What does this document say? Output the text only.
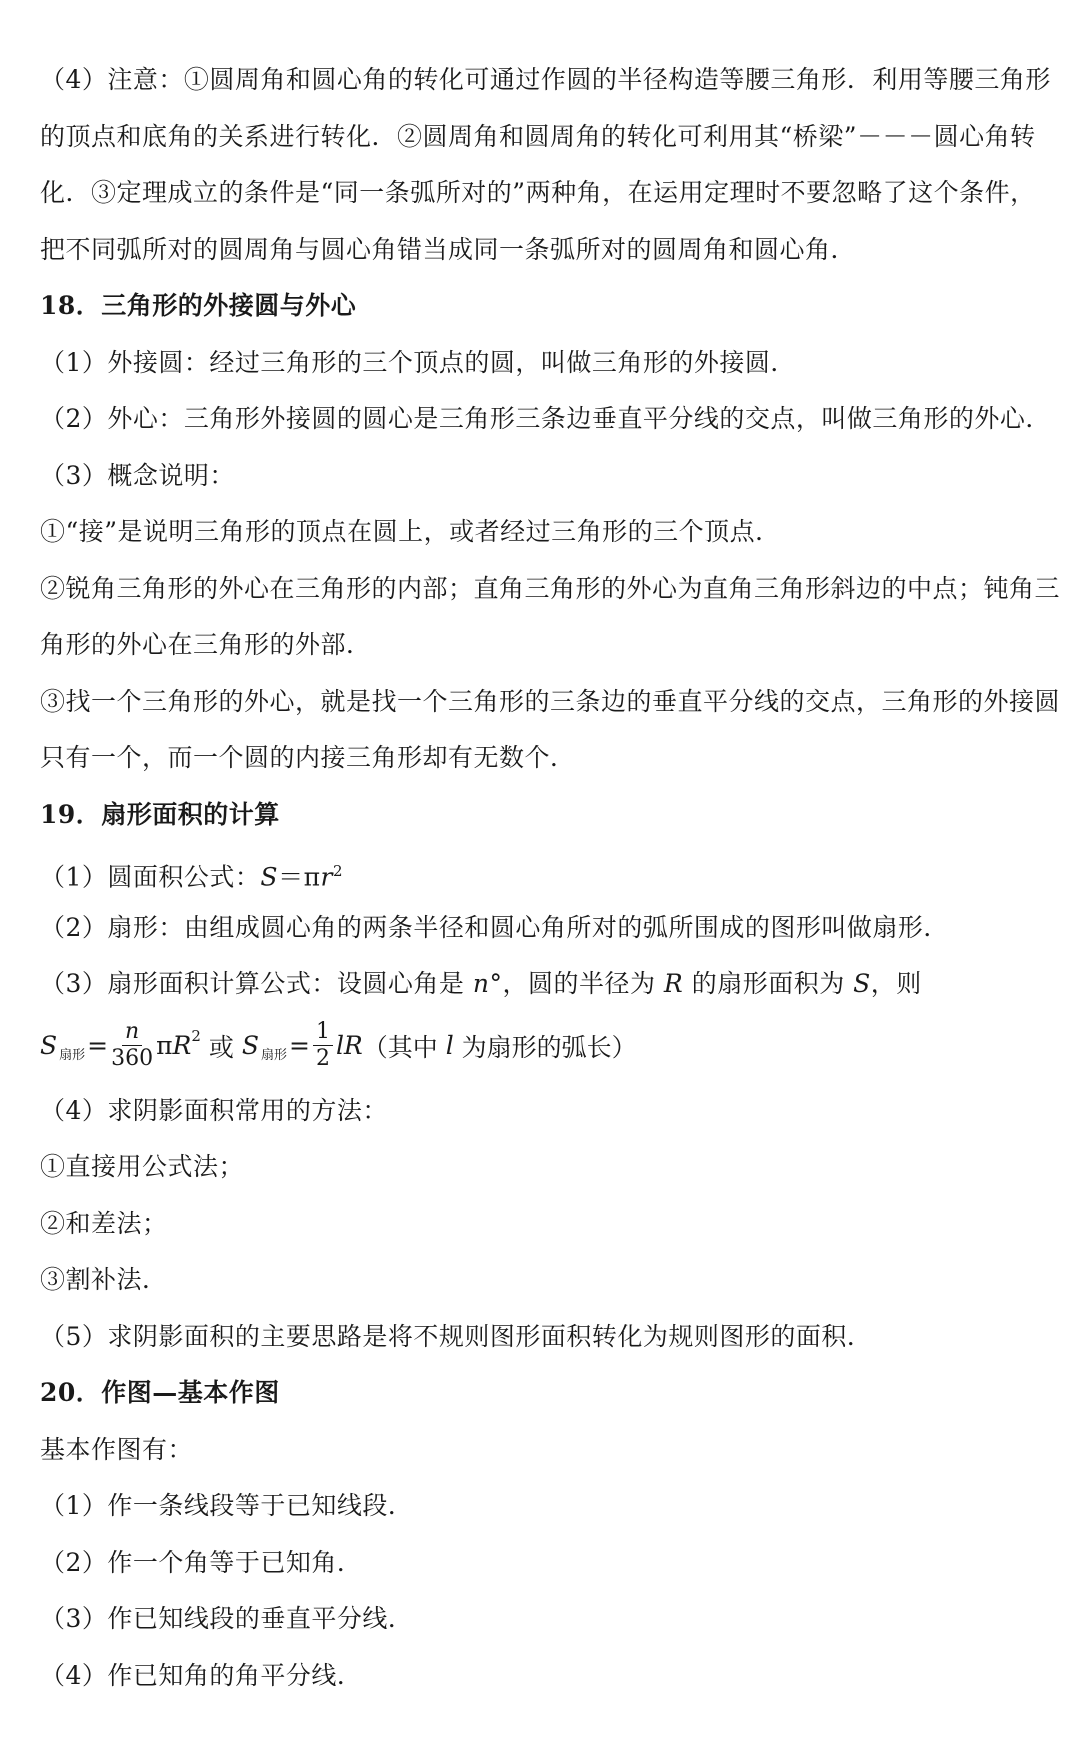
（4）注意：①圆周角和圆心角的转化可通过作圆的半径构造等腰三角形．利用等腰三角形
的顶点和底角的关系进行转化．②圆周角和圆周角的转化可利用其“桥梁”－－－圆心角转
化．③定理成立的条件是“同一条弧所对的”两种角，在运用定理时不要忽略了这个条件，
把不同弧所对的圆周角与圆心角错当成同一条弧所对的圆周角和圆心角．
18．三角形的外接圆与外心
（1）外接圆：经过三角形的三个顶点的圆，叫做三角形的外接圆．
（2）外心：三角形外接圆的圆心是三角形三条边垂直平分线的交点，叫做三角形的外心．
（3）概念说明：
①“接”是说明三角形的顶点在圆上，或者经过三角形的三个顶点．
②锐角三角形的外心在三角形的内部；直角三角形的外心为直角三角形斜边的中点；钝角三
角形的外心在三角形的外部．
③找一个三角形的外心，就是找一个三角形的三条边的垂直平分线的交点，三角形的外接圆
只有一个，而一个圆的内接三角形却有无数个．
19．扇形面积的计算
（1）圆面积公式：$S=\pi r^2$
（2）扇形：由组成圆心角的两条半径和圆心角所对的弧所围成的图形叫做扇形．
（3）扇形面积计算公式：设圆心角是 n°，圆的半径为 R 的扇形面积为 S，则
S 扇形 = $\frac{n}{360}$ π $R^2$ 或 S 扇形 = $\frac{1}{2}$ lR （其中 l 为扇形的弧长）
（4）求阴影面积常用的方法：
①直接用公式法；
②和差法；
③割补法．
（5）求阴影面积的主要思路是将不规则图形面积转化为规则图形的面积．
20．作图—基本作图
基本作图有：
（1）作一条线段等于已知线段．
（2）作一个角等于已知角．
（3）作已知线段的垂直平分线．
（4）作已知角的角平分线．
